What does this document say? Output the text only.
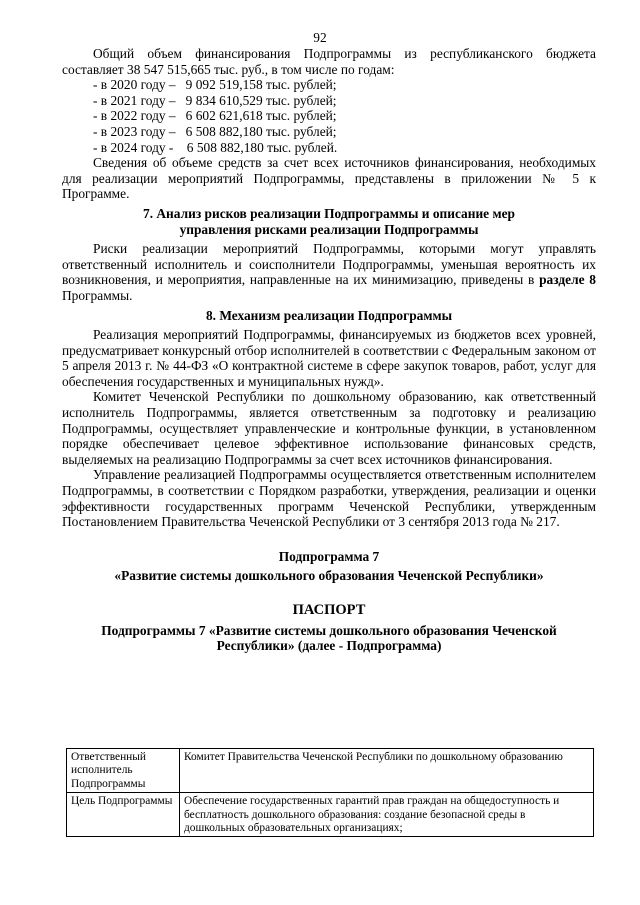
92

Общий объем финансирования Подпрограммы из республиканского бюджета составляет 38 547 515,665 тыс. руб., в том числе по годам:

- в 2020 году –   9 092 519,158 тыс. рублей;
- в 2021 году –   9 834 610,529 тыс. рублей;
- в 2022 году –   6 602 621,618 тыс. рублей;
- в 2023 году –   6 508 882,180 тыс. рублей;
- в 2024 году -    6 508 882,180 тыс. рублей.

Сведения об объеме средств за счет всех источников финансирования, необходимых для реализации мероприятий Подпрограммы, представлены в приложении № 5 к Программе.

7. Анализ рисков реализации Подпрограммы и описание мер

управления рисками реализации Подпрограммы

Риски реализации мероприятий Подпрограммы, которыми могут управлять ответственный исполнитель и соисполнители Подпрограммы, уменьшая вероятность их возникновения, и мероприятия, направленные на их минимизацию, приведены в разделе 8 Программы.

8. Механизм реализации Подпрограммы

Реализация мероприятий Подпрограммы, финансируемых из бюджетов всех уровней, предусматривает конкурсный отбор исполнителей в соответствии с Федеральным законом от 5 апреля 2013 г. № 44-ФЗ «О контрактной системе в сфере закупок товаров, работ, услуг для обеспечения государственных и муниципальных нужд».

Комитет Чеченской Республики по дошкольному образованию, как ответственный исполнитель Подпрограммы, является ответственным за подготовку и реализацию Подпрограммы, осуществляет управленческие и контрольные функции, в установленном порядке обеспечивает целевое эффективное использование финансовых средств, выделяемых на реализацию Подпрограммы за счет всех источников финансирования.

Управление реализацией Подпрограммы осуществляется ответственным исполнителем Подпрограммы, в соответствии с Порядком разработки, утверждения, реализации и оценки эффективности государственных программ Чеченской Республики, утвержденным Постановлением Правительства Чеченской Республики от 3 сентября 2013 года № 217.

Подпрограмма 7

«Развитие системы дошкольного образования Чеченской Республики»

ПАСПОРТ

Подпрограммы 7 «Развитие системы дошкольного образования Чеченской

Республики» (далее - Подпрограмма)

Ответственный исполнитель Подпрограммы	Комитет Правительства Чеченской Республики по дошкольному образованию
Цель Подпрограммы	Обеспечение государственных гарантий прав граждан на общедоступность и бесплатность дошкольного образования: создание безопасной среды в дошкольных образовательных организациях;
